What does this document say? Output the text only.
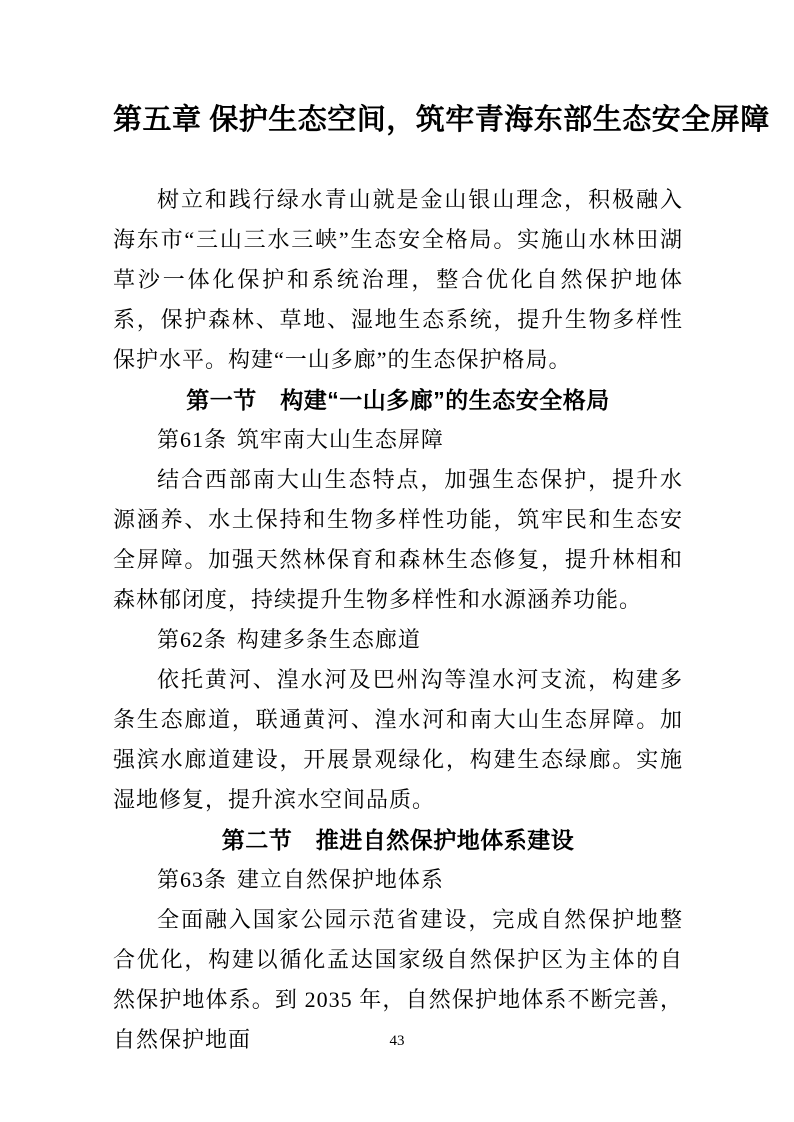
第五章 保护生态空间，筑牢青海东部生态安全屏障

树立和践行绿水青山就是金山银山理念，积极融入海东市“三山三水三峡”生态安全格局。实施山水林田湖草沙一体化保护和系统治理，整合优化自然保护地体系，保护森林、草地、湿地生态系统，提升生物多样性保护水平。构建“一山多廊”的生态保护格局。

第一节　构建“一山多廊”的生态安全格局

第61条 筑牢南大山生态屏障

结合西部南大山生态特点，加强生态保护，提升水源涵养、水土保持和生物多样性功能，筑牢民和生态安全屏障。加强天然林保育和森林生态修复，提升林相和森林郁闭度，持续提升生物多样性和水源涵养功能。

第62条 构建多条生态廊道

依托黄河、湟水河及巴州沟等湟水河支流，构建多条生态廊道，联通黄河、湟水河和南大山生态屏障。加强滨水廊道建设，开展景观绿化，构建生态绿廊。实施湿地修复，提升滨水空间品质。

第二节　推进自然保护地体系建设

第63条 建立自然保护地体系

全面融入国家公园示范省建设，完成自然保护地整合优化，构建以循化孟达国家级自然保护区为主体的自然保护地体系。到 2035 年，自然保护地体系不断完善，自然保护地面	43
